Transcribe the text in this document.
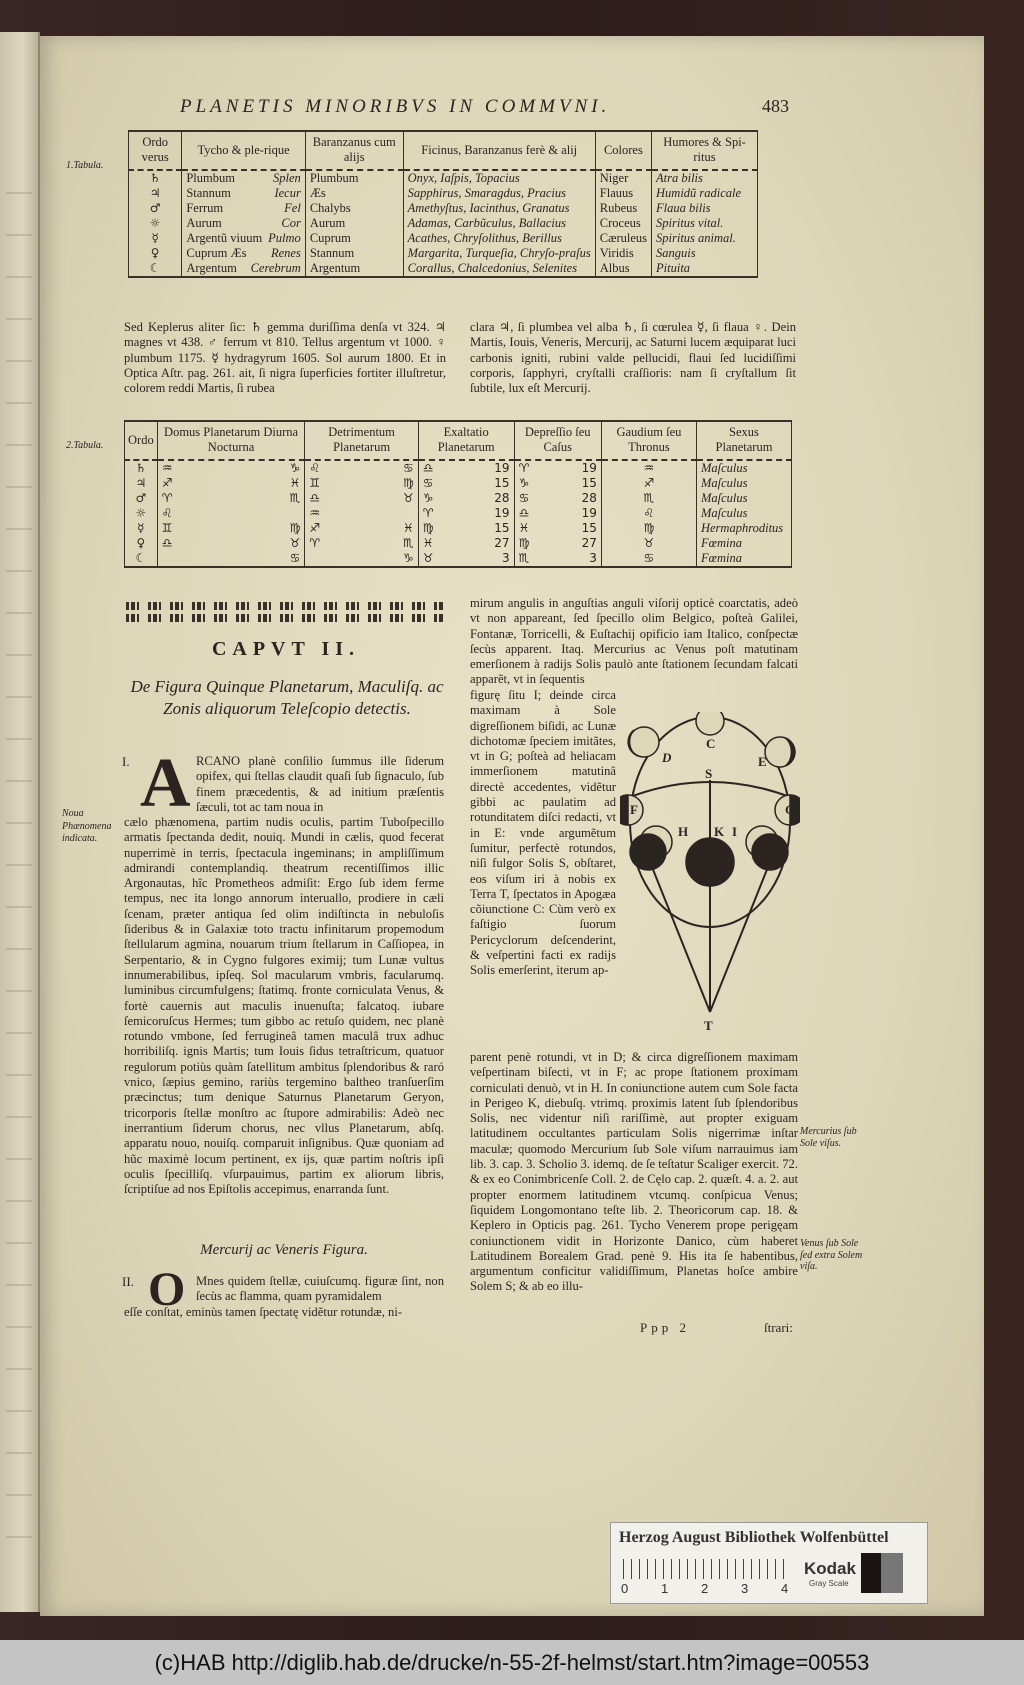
PLANETIS MINORIBVS IN COMMVNI.	483
1.Tabula.
Ordo verus	Tycho & ple-rique	Baranzanus cum alijs	Ficinus, Baranzanus ferè & alij	Colores	Humores & Spi-ritus
♄	Plumbum Splen	Plumbum	Onyx, Iaſpis, Topacius	Niger	Atra bilis
♃	Stannum Iecur	Æs	Sapphirus, Smaragdus, Pracius	Flauus	Humidũ radicale
♂	Ferrum Fel	Chalybs	Amethyſtus, Iacinthus, Granatus	Rubeus	Flaua bilis
☼	Aurum Cor	Aurum	Adamas, Carbũculus, Ballacius	Croceus	Spiritus vital.
☿	Argentũ viuum Pulmo	Cuprum	Acathes, Chryſolithus, Berillus	Cæruleus	Spiritus animal.
♀	Cuprum Æs Renes	Stannum	Margarita, Turqueſia, Chryſo-praſus	Viridis	Sanguis
☾	Argentum Cerebrum	Argentum	Corallus, Chalcedonius, Selenites	Albus	Pituita
Sed Keplerus aliter ſic: ♄ gemma duriſſima denſa vt 324. ♃ magnes vt 438. ♂ ferrum vt 810. Tellus argentum vt 1000. ♀ plumbum 1175. ☿ hydragyrum 1605. Sol aurum 1800. Et in Optica Aſtr. pag. 261. ait, ſi nigra ſuperficies fortiter illuſtretur, colorem reddi Martis, ſi rubea
clara ♃, ſi plumbea vel alba ♄, ſi cœrulea ☿, ſi flaua ♀. Dein Martis, Iouis, Veneris, Mercurij, ac Saturni lucem æquiparat luci carbonis igniti, rubini valde pellucidi, flaui ſed lucidiſſimi corporis, ſapphyri, cryſtalli craſſioris: nam ſi cryſtallum ſit ſubtile, lux eſt Mercurij.
2.Tabula. Ordo	Domus Planetarum Diurna Nocturna	Detrimentum Planetarum	Exaltatio Planetarum	Depreſſio ſeu Caſus	Gaudium ſeu Thronus	Sexus Planetarum
♄	♒ ♑	♌ ♋	♎ 19	♈ 19	♒	Maſculus
♃	♐ ♓	♊ ♍	♋ 15	♑ 15	♐	Maſculus
♂	♈ ♏	♎ ♉	♑ 28	♋ 28	♏	Maſculus
☼	♌	♒	♈ 19	♎ 19	♌	Maſculus
☿	♊ ♍	♐ ♓	♍ 15	♓ 15	♍	Hermaphroditus
♀	♎ ♉	♈ ♏	♓ 27	♍ 27	♉	Fœmina
☾	♋	♑	♉ 3	♏ 3	♋	Fœmina
CAPVT II.
De Figura Quinque Planetarum, Maculiſq. ac Zonis aliquorum Teleſcopio detectis.
I. A RCANO planè conſilio ſummus ille ſiderum opifex, qui ſtellas claudit quaſi ſub ſignaculo, ſub finem præcedentis, & ad initium præſentis ſæculi, tot ac tam noua in
cælo phænomena, partim nudis oculis, partim Tuboſpecillo armatis ſpectanda dedit, nouiq. Mundi in cælis, quod fecerat nuperrimè in terris, ſpectacula ingeminans; in ampliſſimum admirandi contemplandiq. theatrum recentiſſimos illic Argonautas, hîc Prometheos admiſit: Ergo ſub idem ferme tempus, nec ita longo annorum interuallo, prodiere in cæli ſcenam, præter antiqua ſed olim indiſtincta in nebuloſis ſideribus & in Galaxiæ toto tractu infinitarum propemodum ſtellularum agmina, nouarum trium ſtellarum in Caſſiopea, in Serpentario, & in Cygno fulgores eximij; tum Lunæ vultus innumerabilibus, ipſeq. Sol macularum vmbris, facularumq. luminibus circumfulgens; ſtatimq. fronte corniculata Venus, & fortè cauernis aut maculis inuenuſta; falcatoq. iubare ſemicoruſcus Hermes; tum gibbo ac retuſo quidem, nec planè rotundo vmbone, ſed ferrugineâ tamen maculâ trux adhuc horribiliſq. ignis Martis; tum Iouis ſidus tetraſtricum, quatuor regulorum potiùs quàm ſatellitum ambitus ſplendoribus & raró vnico, ſæpius gemino, rariùs tergemino baltheo tranſuerſim præcinctus; tum denique Saturnus Planetarum Geryon, tricorporis ſtellæ monſtro ac ſtupore admirabilis: Adeò nec inerrantium ſiderum chorus, nec vllus Planetarum, abſq. apparatu nouo, nouiſq. comparuit inſignibus. Quæ quoniam ad hũc maximè locum pertinent, ex ijs, quæ partim noſtris ipſi oculis ſpecilliſq. vſurpauimus, partim ex aliorum libris, ſcriptiſue ad nos Epiſtolis accepimus, enarranda ſunt.
Noua Phænomena indicata.
Mercurij ac Veneris Figura.
II. O Mnes quidem ſtellæ, cuiuſcumq. figuræ ſint, non ſecùs ac flamma, quam pyramidalem
eſſe conſtat, eminùs tamen ſpectatę vidẽtur rotundæ, ni-
mirum angulis in anguſtias anguli viſorij opticè coarctatis, adeò vt non appareant, ſed ſpecillo olim Belgico, poſteà Galilei, Fontanæ, Torricelli, & Euſtachij opificio iam Italico, conſpectæ ſecùs apparent. Itaq. Mercurius ac Venus poſt matutinam emerſionem à radijs Solis paulò ante ſtationem ſecundam falcati apparẽt, vt in ſequentis
figurę ſitu I; deinde circa maximam à Sole digreſſionem biſidi, ac Lunæ dichotomæ ſpeciem imitãtes, vt in G; poſteà ad heliacam immerſionem matutinâ directè accedentes, vidẽtur gibbi ac paulatim ad rotunditatem diſci redacti, vt in E: vnde argumẽtum ſumitur, perfectè rotundos, niſi fulgor Solis S, obſtaret, eos viſum iri à nobis ex Terra T, ſpectatos in Apogæa cõiunctione C: Cùm verò ex faſtigio ſuorum Pericyclorum deſcenderint, & veſpertini facti ex radijs Solis emerſerint, iterum ap-
parent penè rotundi, vt in D; & circa digreſſionem maximam veſpertinam biſecti, vt in F; ac prope ſtationem proximam corniculati denuò, vt in H. In coniunctione autem cum Sole facta in Perigeo K, diebuſq. vtrimq. proximis latent ſub ſplendoribus Solis, nec videntur niſi rariſſimè, aut propter exiguam latitudinem occultantes particulam Solis nigerrimæ inſtar maculæ; quomodo Mercurium ſub Sole viſum narrauimus iam lib. 3. cap. 3. Scholio 3. idemq. de ſe teſtatur Scaliger exercit. 72. & ex eo Conimbricenſe Coll. 2. de Cęlo cap. 2. quæſt. 4. a. 2. aut propter enormem latitudinem vtcumq. conſpicua Venus; ſiquidem Longomontano teſte lib. 2. Theoricorum cap. 18. & Keplero in Opticis pag. 261. Tycho Venerem prope perigęam coniunctionem vidit in Horizonte Danico, cùm haberet Latitudinem Borealem Grad. penè 9. His ita ſe habentibus, argumentum conficitur validiſſimum, Planetas hoſce ambire Solem S; & ab eo illu-
Mercurius ſub Sole viſus.
Venus ſub Sole ſed extra Solem viſa.
Ppp 2	ſtrari:
C
D	E
S
F	G
H K I
T
Herzog August Bibliothek Wolfenbüttel
0	1	2	3	4
Kodak
Gray Scale
(c)HAB http://diglib.hab.de/drucke/n-55-2f-helmst/start.htm?image=00553
